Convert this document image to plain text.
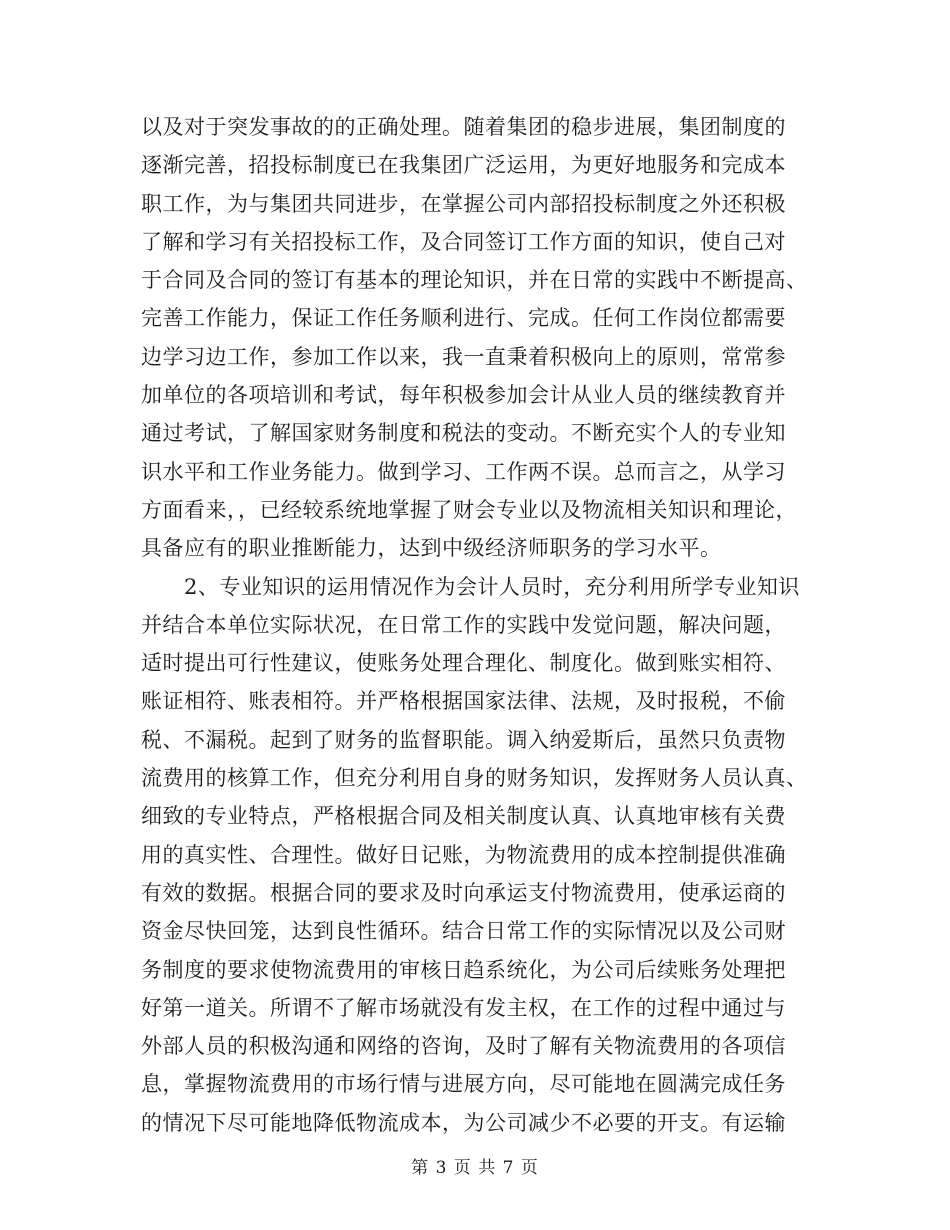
以及对于突发事故的的正确处理。随着集团的稳步进展，集团制度的
逐渐完善，招投标制度已在我集团广泛运用，为更好地服务和完成本
职工作，为与集团共同进步，在掌握公司内部招投标制度之外还积极
了解和学习有关招投标工作，及合同签订工作方面的知识，使自己对
于合同及合同的签订有基本的理论知识，并在日常的实践中不断提高、
完善工作能力，保证工作任务顺利进行、完成。任何工作岗位都需要
边学习边工作，参加工作以来，我一直秉着积极向上的原则，常常参
加单位的各项培训和考试，每年积极参加会计从业人员的继续教育并
通过考试，了解国家财务制度和税法的变动。不断充实个人的专业知
识水平和工作业务能力。做到学习、工作两不误。总而言之，从学习
方面看来，，已经较系统地掌握了财会专业以及物流相关知识和理论，
具备应有的职业推断能力，达到中级经济师职务的学习水平。
　　2、专业知识的运用情况作为会计人员时，充分利用所学专业知识
并结合本单位实际状况，在日常工作的实践中发觉问题，解决问题，
适时提出可行性建议，使账务处理合理化、制度化。做到账实相符、
账证相符、账表相符。并严格根据国家法律、法规，及时报税，不偷
税、不漏税。起到了财务的监督职能。调入纳爱斯后，虽然只负责物
流费用的核算工作，但充分利用自身的财务知识，发挥财务人员认真、
细致的专业特点，严格根据合同及相关制度认真、认真地审核有关费
用的真实性、合理性。做好日记账，为物流费用的成本控制提供准确
有效的数据。根据合同的要求及时向承运支付物流费用，使承运商的
资金尽快回笼，达到良性循环。结合日常工作的实际情况以及公司财
务制度的要求使物流费用的审核日趋系统化，为公司后续账务处理把
好第一道关。所谓不了解市场就没有发主权，在工作的过程中通过与
外部人员的积极沟通和网络的咨询，及时了解有关物流费用的各项信
息，掌握物流费用的市场行情与进展方向，尽可能地在圆满完成任务
的情况下尽可能地降低物流成本，为公司减少不必要的开支。有运输
第 3 页 共 7 页
